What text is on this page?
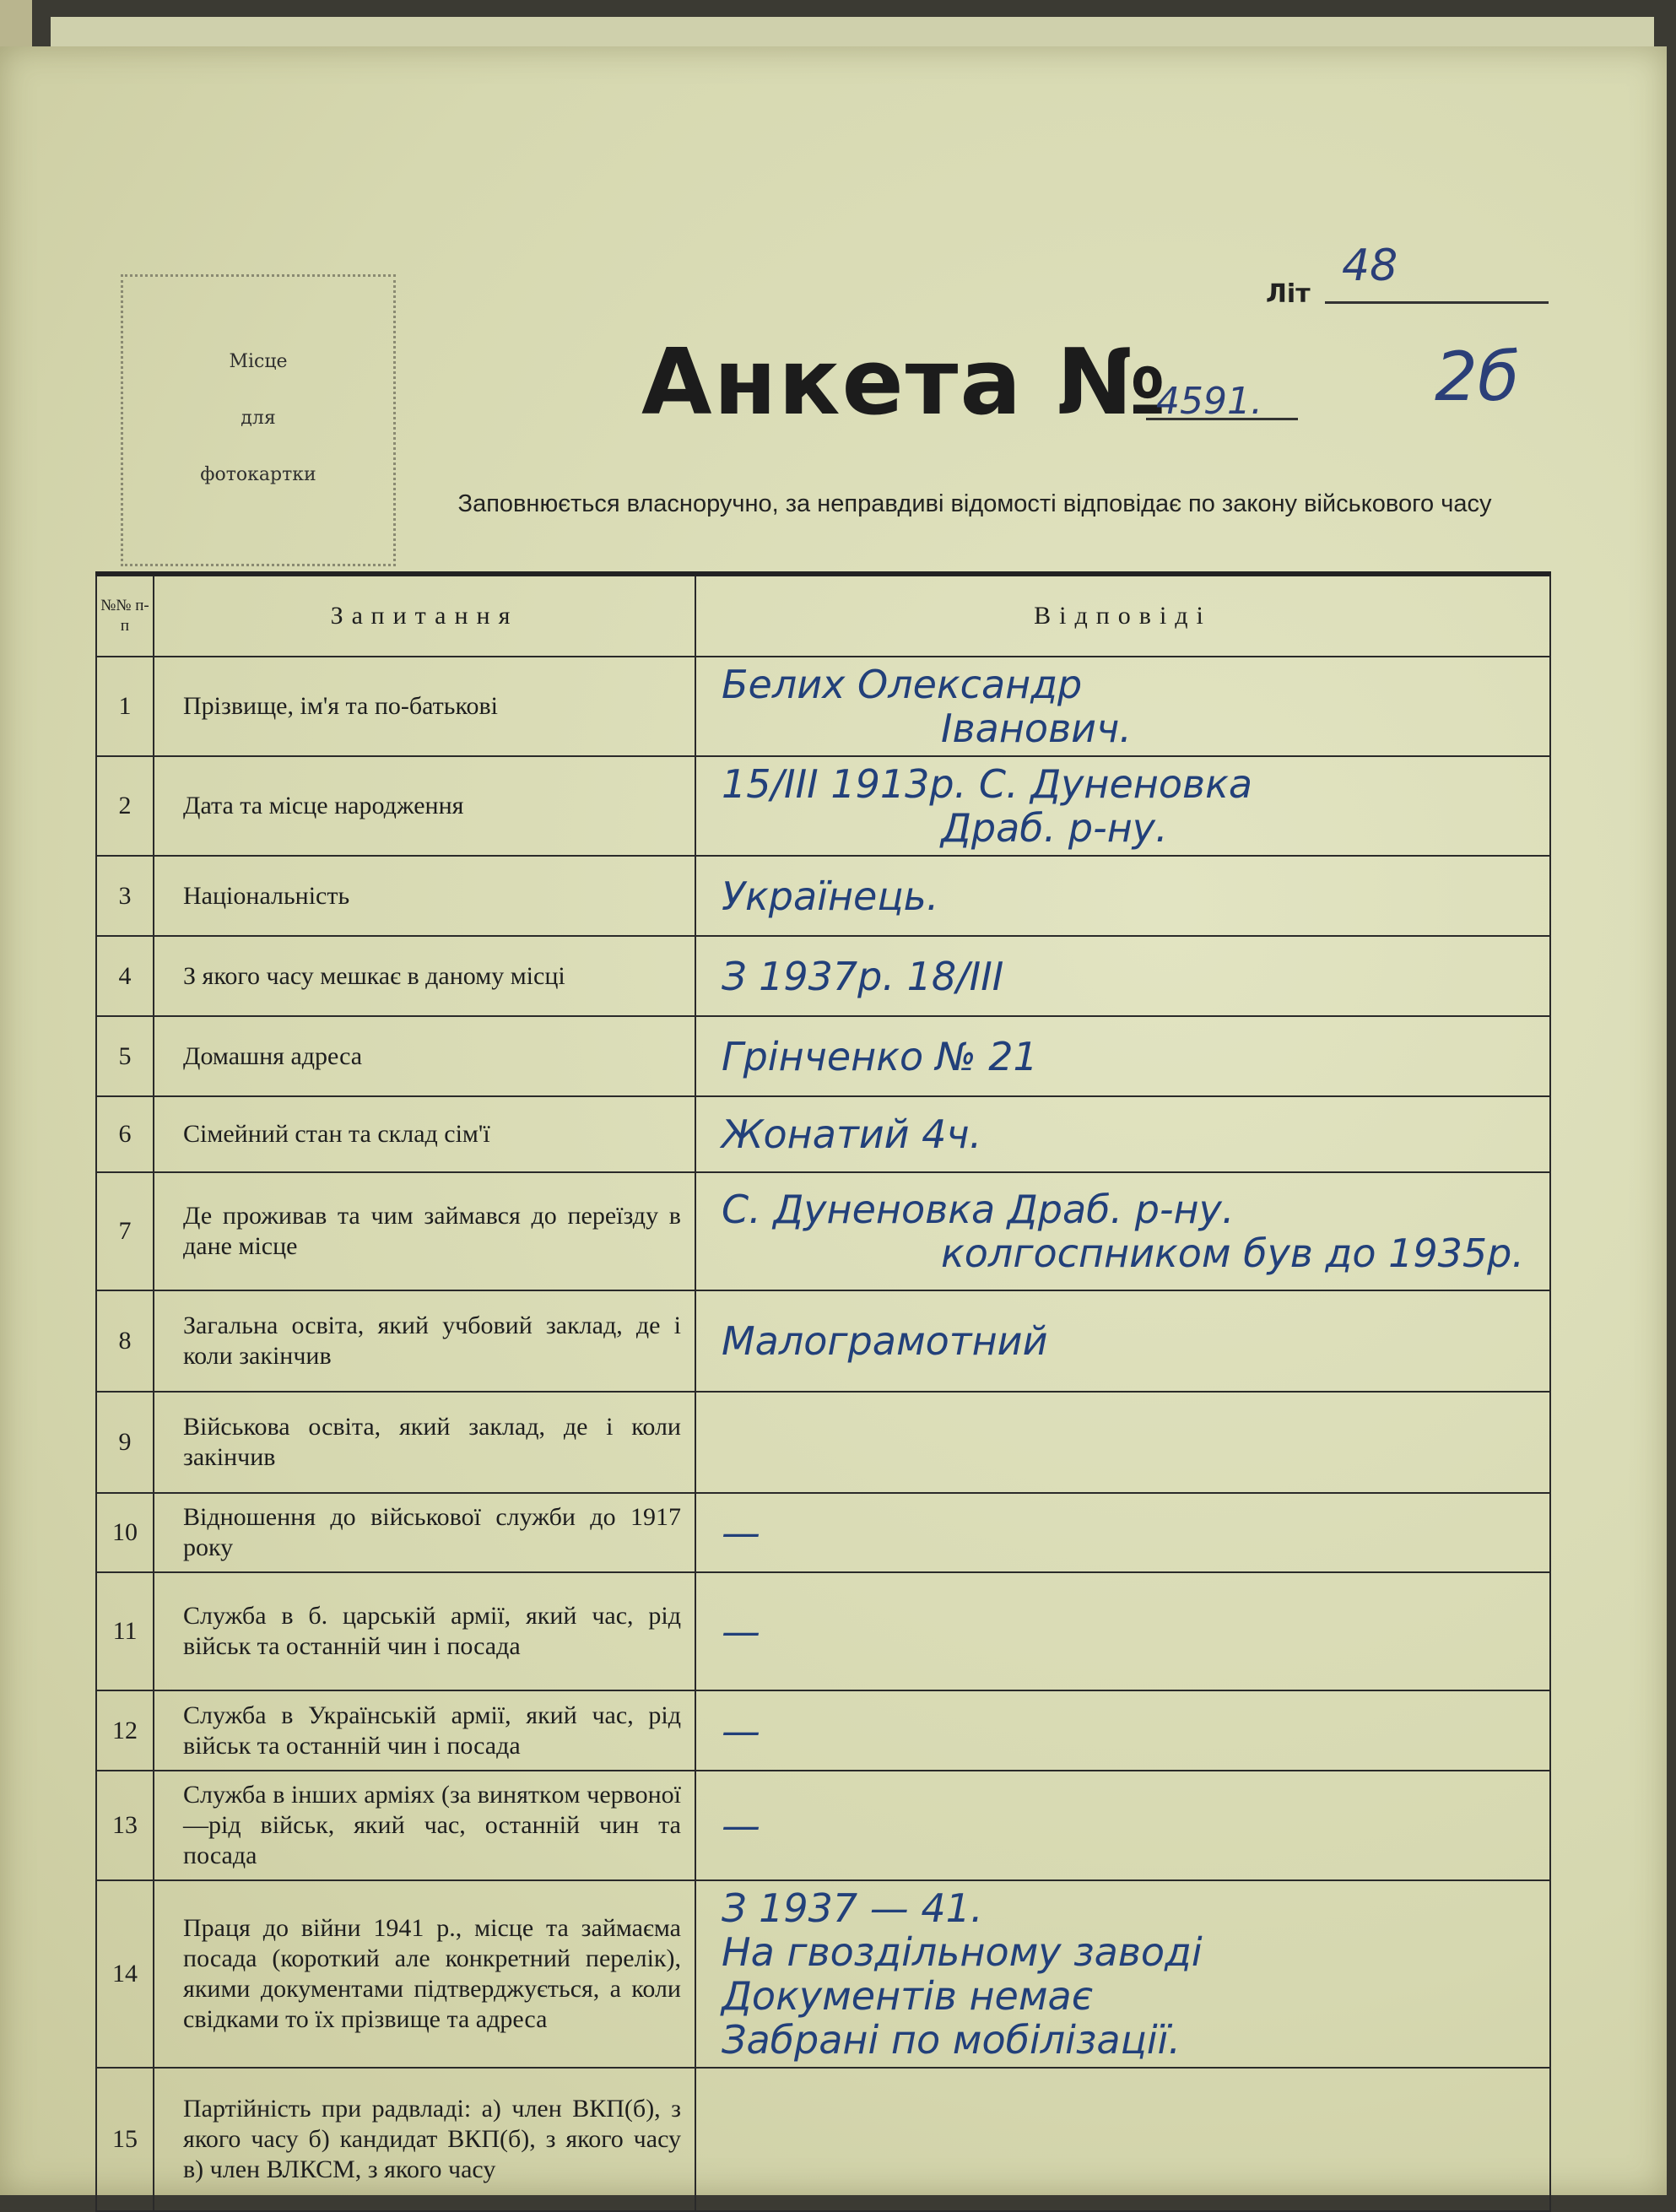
Місце
для
фотокартки
Літ
48
Анкета №
4591.	2б
Заповнюється власноручно, за неправдиві відомості відповідає по закону військового часу
№№ п-п	Запитання	Відповіді
1	Прізвище, ім'я та по-батькові	Белих Олександр
Іванович.

2	Дата та місце народження	15/III 1913р. С. Дуненовка
Драб. р-ну.

3	Національність	Українець.

4	З якого часу мешкає в даному місці	З 1937р. 18/III

5	Домашня адреса	Грінченко № 21

6	Сімейний стан та склад сім'ї	Жонатий 4ч.

7	Де проживав та чим займався до переїзду в дане місце	С. Дуненовка Драб. р-ну.
колгоспником був до 1935р.

8	Загальна освіта, який учбовий заклад, де і коли закінчив	Малограмотний

9	Військова освіта, який заклад, де і коли закінчив	
10	Відношення до військової служби до 1917 року	—

11	Служба в б. царській армії, який час, рід військ та останній чин і посада	—

12	Служба в Українській армії, який час, рід військ та останній чин і посада	—

13	Служба в інших арміях (за виняткoм червоної—рід військ, який час, останній чин та посада	—

14	Праця до війни 1941 р., місце та займаєма посада (короткий але конкретний перелік), якими документами підтверджується, а коли свідками то їх прізвище та адреса	З 1937 — 41.
На гвоздільному заводі
Документів немає
Забрані по мобілізації.

15	Партійність при радвладі: а) член ВКП(б), з якого часу б) кандидат ВКП(б), з якого часу в) член ВЛКСМ, з якого часу	
